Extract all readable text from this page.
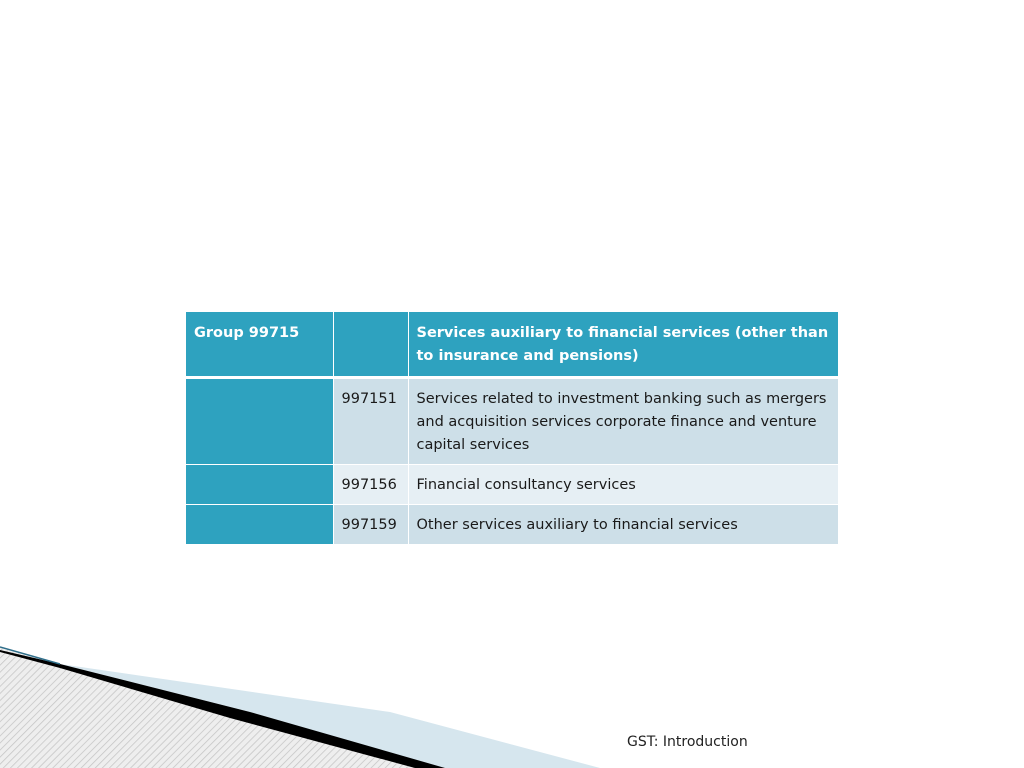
Group 99715		Services auxiliary to financial services (other than to insurance and pensions)
	997151	Services related to investment banking such as mergers and acquisition services corporate finance and venture capital services
	997156	Financial consultancy services
	997159	Other services auxiliary to financial services
GST: Introduction
